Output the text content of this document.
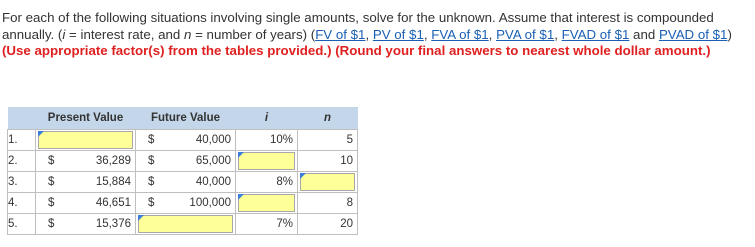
For each of the following situations involving single amounts, solve for the unknown. Assume that interest is compounded annually. (i = interest rate, and n = number of years) (FV of $1, PV of $1, FVA of $1, PVA of $1, FVAD of $1 and PVAD of $1) (Use appropriate factor(s) from the tables provided.) (Round your final answers to nearest whole dollar amount.)
	Present Value	Future Value	i	n
1.		$ 40,000	10%	5

2.	$ 36,289	$ 65,000		10

3.	$ 15,884	$ 40,000	8%	

4.	$ 46,651	$ 100,000		8

5.	$ 15,376		7%	20
